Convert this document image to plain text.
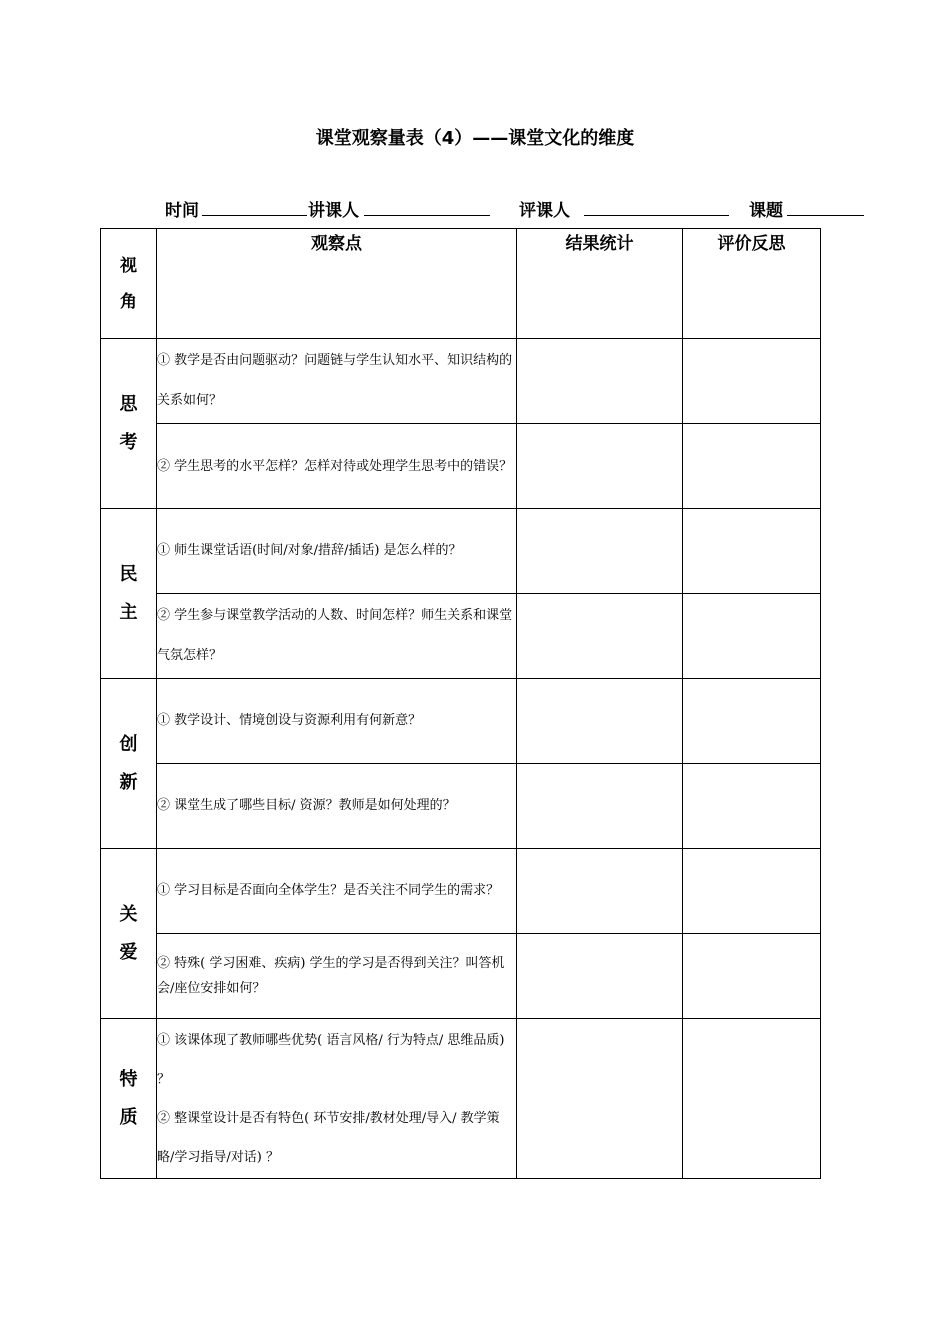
课堂观察量表（4）——课堂文化的维度
时间	讲课人	评课人	课题
视角	观察点	结果统计	评价反思

思考	① 教学是否由问题驱动？问题链与学生认知水平、知识结构的关系如何？		
	② 学生思考的水平怎样？怎样对待或处理学生思考中的错误？		

民主	① 师生课堂话语(时间/对象/措辞/插话) 是怎么样的？		
	② 学生参与课堂教学活动的人数、时间怎样？师生关系和课堂气氛怎样？		

创新	① 教学设计、情境创设与资源利用有何新意？		
	② 课堂生成了哪些目标/ 资源？教师是如何处理的？		

关爱	① 学习目标是否面向全体学生？是否关注不同学生的需求？		
	② 特殊( 学习困难、疾病) 学生的学习是否得到关注？叫答机会/座位安排如何？		

特质	① 该课体现了教师哪些优势( 语言风格/ 行为特点/ 思维品质) ？
② 整课堂设计是否有特色( 环节安排/教材处理/导入/ 教学策略/学习指导/对话) ？		
